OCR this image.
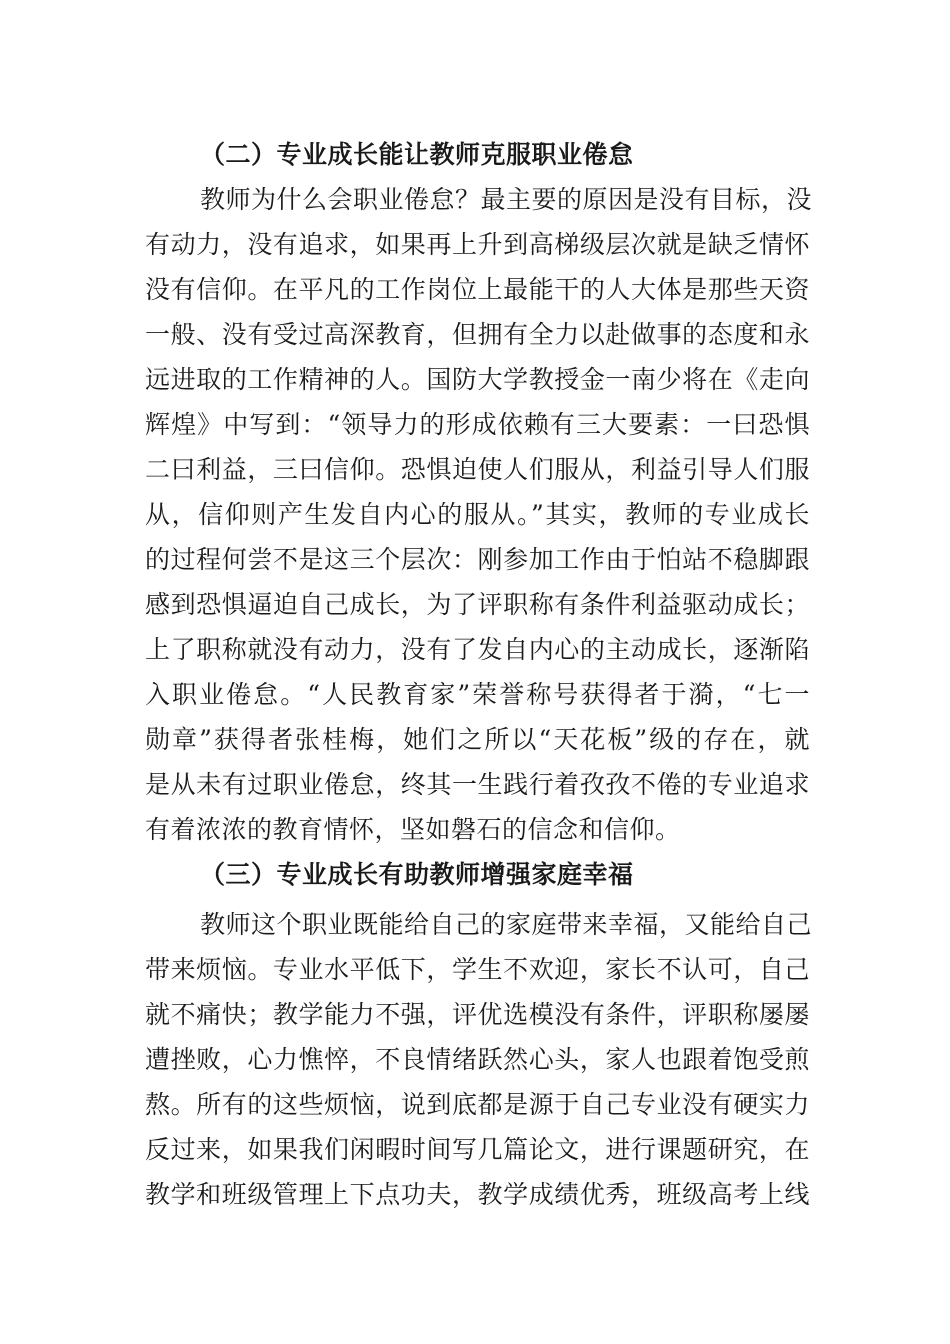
（二）专业成长能让教师克服职业倦怠
教师为什么会职业倦怠？最主要的原因是没有目标，没
有动力，没有追求，如果再上升到高梯级层次就是缺乏情怀
没有信仰。在平凡的工作岗位上最能干的人大体是那些天资
一般、没有受过高深教育，但拥有全力以赴做事的态度和永
远进取的工作精神的人。国防大学教授金一南少将在《走向
辉煌》中写到：“领导力的形成依赖有三大要素：一曰恐惧
二曰利益，三曰信仰。恐惧迫使人们服从，利益引导人们服
从，信仰则产生发自内心的服从。”其实，教师的专业成长
的过程何尝不是这三个层次：刚参加工作由于怕站不稳脚跟
感到恐惧逼迫自己成长，为了评职称有条件利益驱动成长；
上了职称就没有动力，没有了发自内心的主动成长，逐渐陷
入职业倦怠。“人民教育家”荣誉称号获得者于漪，“七一
勋章”获得者张桂梅，她们之所以“天花板”级的存在，就
是从未有过职业倦怠，终其一生践行着孜孜不倦的专业追求
有着浓浓的教育情怀，坚如磐石的信念和信仰。
（三）专业成长有助教师增强家庭幸福
教师这个职业既能给自己的家庭带来幸福，又能给自己
带来烦恼。专业水平低下，学生不欢迎，家长不认可，自己
就不痛快；教学能力不强，评优选模没有条件，评职称屡屡
遭挫败，心力憔悴，不良情绪跃然心头，家人也跟着饱受煎
熬。所有的这些烦恼，说到底都是源于自己专业没有硬实力
反过来，如果我们闲暇时间写几篇论文，进行课题研究，在
教学和班级管理上下点功夫，教学成绩优秀，班级高考上线
